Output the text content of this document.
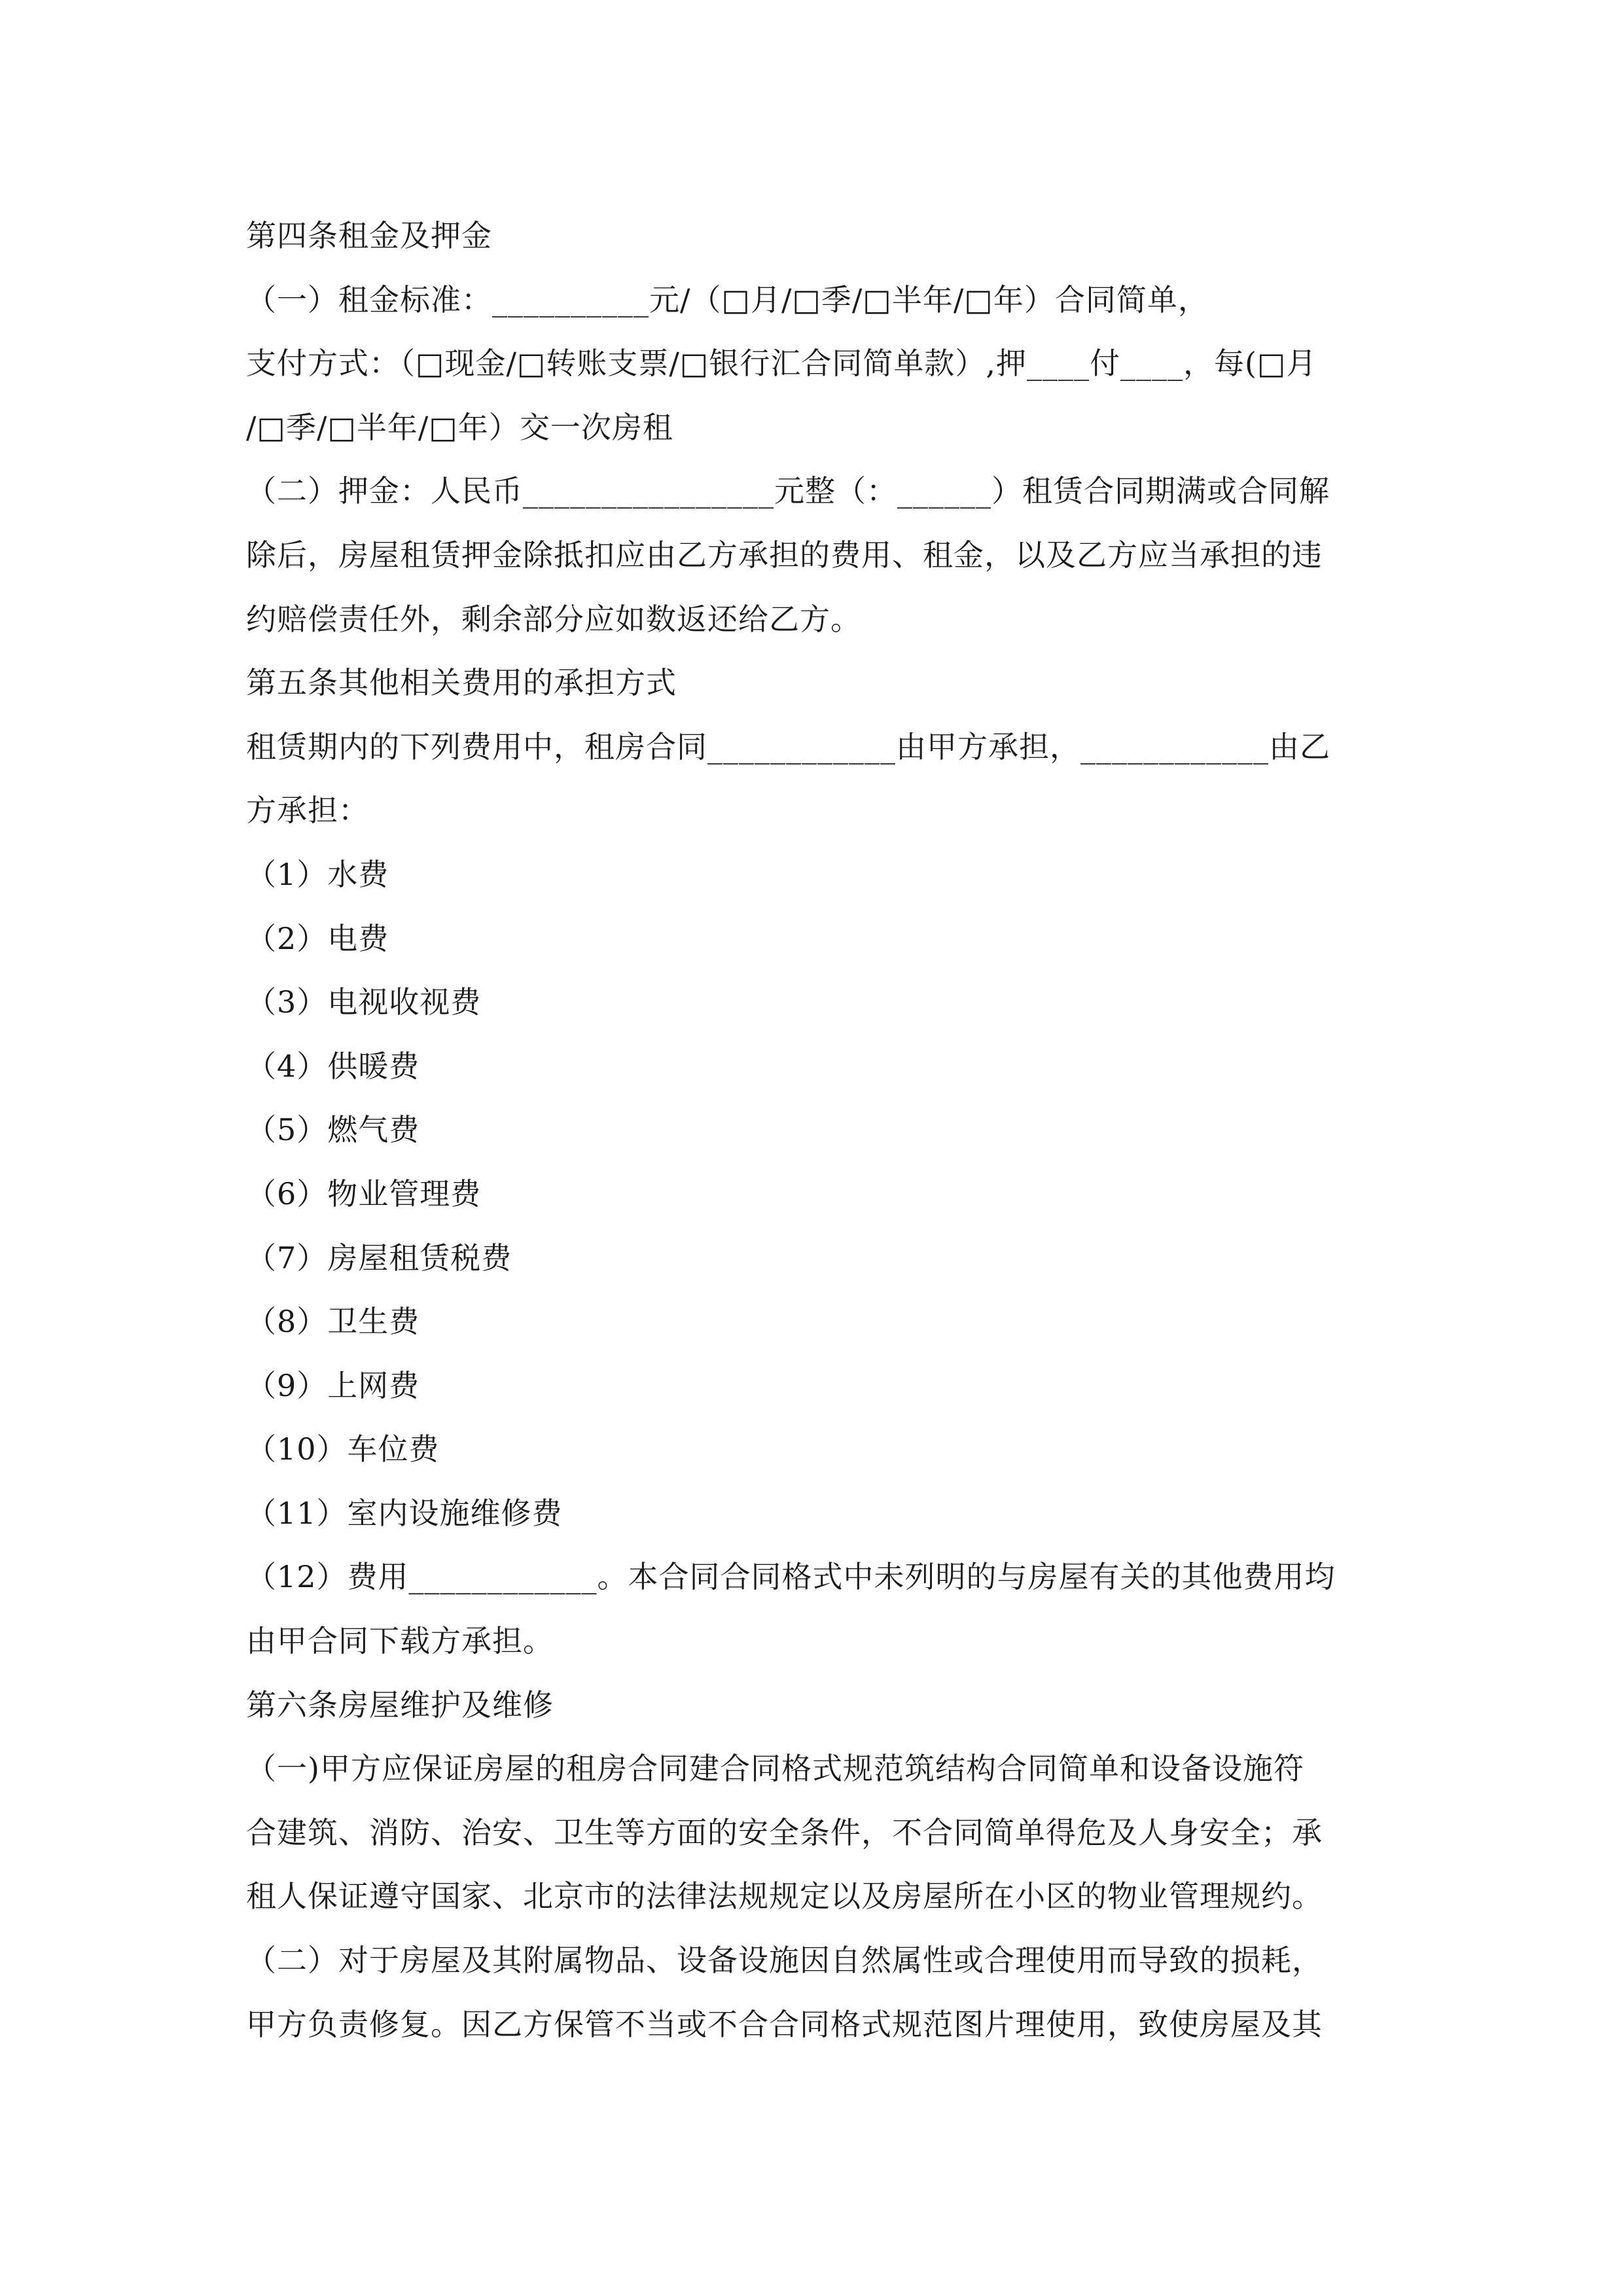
第四条租金及押金
（一）租金标准：__________元/（□月/□季/□半年/□年）合同简单，
支付方式：（□现金/□转账支票/□银行汇合同简单款）,押____付____，每(□月
/□季/□半年/□年）交一次房租
（二）押金：人民币________________元整（：______）租赁合同期满或合同解
除后，房屋租赁押金除抵扣应由乙方承担的费用、租金，以及乙方应当承担的违
约赔偿责任外，剩余部分应如数返还给乙方。
第五条其他相关费用的承担方式
租赁期内的下列费用中，租房合同____________由甲方承担，____________由乙
方承担：
（1）水费
（2）电费
（3）电视收视费
（4）供暖费
（5）燃气费
（6）物业管理费
（7）房屋租赁税费
（8）卫生费
（9）上网费
（10）车位费
（11）室内设施维修费
（12）费用____________。本合同合同格式中未列明的与房屋有关的其他费用均
由甲合同下载方承担。
第六条房屋维护及维修
（一)甲方应保证房屋的租房合同建合同格式规范筑结构合同简单和设备设施符
合建筑、消防、治安、卫生等方面的安全条件，不合同简单得危及人身安全；承
租人保证遵守国家、北京市的法律法规规定以及房屋所在小区的物业管理规约。
（二）对于房屋及其附属物品、设备设施因自然属性或合理使用而导致的损耗，
甲方负责修复。因乙方保管不当或不合合同格式规范图片理使用，致使房屋及其
